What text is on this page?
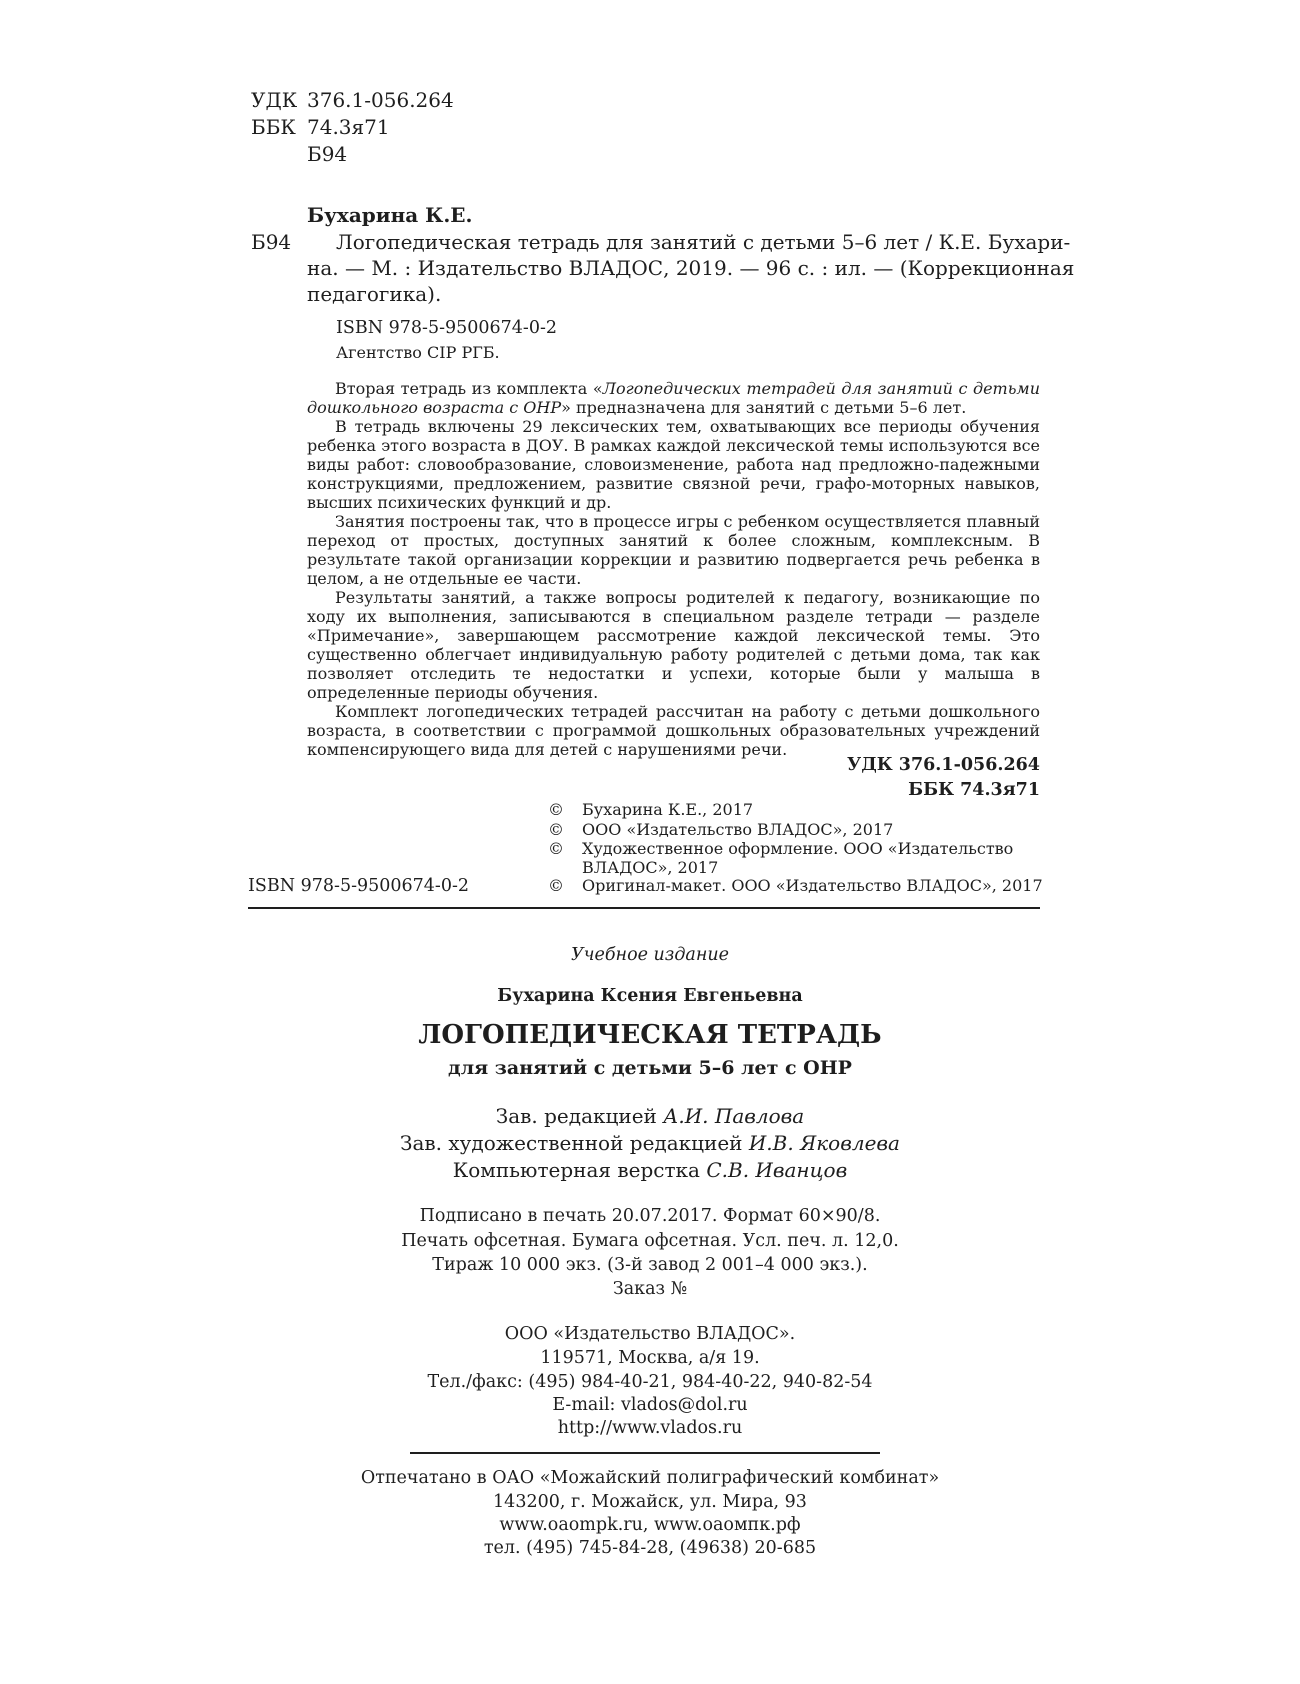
УДК 376.1-056.264
ББК 74.3я71
Б94
Бухарина К.Е.
Б94 Логопедическая тетрадь для занятий с детьми 5–6 лет / К.Е. Бухари-
на. — М. : Издательство ВЛАДОС, 2019. — 96 с. : ил. — (Коррекционная
педагогика).
ISBN 978-5-9500674-0-2
Агентство CIP РГБ.

Вторая тетрадь из комплекта «Логопедических тетрадей для занятий с детьми дошкольного возраста с ОНР» предназначена для занятий с детьми 5–6 лет.

В тетрадь включены 29 лексических тем, охватывающих все периоды обучения ребенка этого возраста в ДОУ. В рамках каждой лексической темы используются все виды работ: словообразование, словоизменение, работа над предложно-падежными конструкциями, предложением, развитие связной речи, графо-моторных навыков, высших психических функций и др.

Занятия построены так, что в процессе игры с ребенком осуществляется плавный переход от простых, доступных занятий к более сложным, комплексным. В результате такой организации коррекции и развитию подвергается речь ребенка в целом, а не отдельные ее части.

Результаты занятий, а также вопросы родителей к педагогу, возникающие по ходу их выполнения, записываются в специальном разделе тетради — разделе «Примечание», завершающем рассмотрение каждой лексической темы. Это существенно облегчает индивидуальную работу родителей с детьми дома, так как позволяет отследить те недостатки и успехи, которые были у малыша в определенные периоды обучения.

Комплект логопедических тетрадей рассчитан на работу с детьми дошкольного возраста, в соответствии с программой дошкольных образовательных учреждений компенсирующего вида для детей с нарушениями речи.

УДК 376.1-056.264
ББК 74.3я71
©	Бухарина К.Е., 2017
©	ООО «Издательство ВЛАДОС», 2017
©	Художественное оформление. ООО «Издательство ВЛАДОС», 2017
ISBN 978-5-9500674-0-2	©	Оригинал-макет. ООО «Издательство ВЛАДОС», 2017
Учебное издание
Бухарина Ксения Евгеньевна
ЛОГОПЕДИЧЕСКАЯ ТЕТРАДЬ
для занятий с детьми 5–6 лет с ОНР
Зав. редакцией А.И. Павлова
Зав. художественной редакцией И.В. Яковлева
Компьютерная верстка С.В. Иванцов
Подписано в печать 20.07.2017. Формат 60×90/8.
Печать офсетная. Бумага офсетная. Усл. печ. л. 12,0.
Тираж 10 000 экз. (3-й завод 2 001–4 000 экз.).
Заказ №
ООО «Издательство ВЛАДОС».
119571, Москва, а/я 19.
Тел./факс: (495) 984-40-21, 984-40-22, 940-82-54
E-mail: vlados@dol.ru
http://www.vlados.ru
Отпечатано в ОАО «Можайский полиграфический комбинат»
143200, г. Можайск, ул. Мира, 93
www.oaompk.ru, www.оаомпк.рф
тел. (495) 745-84-28, (49638) 20-685
